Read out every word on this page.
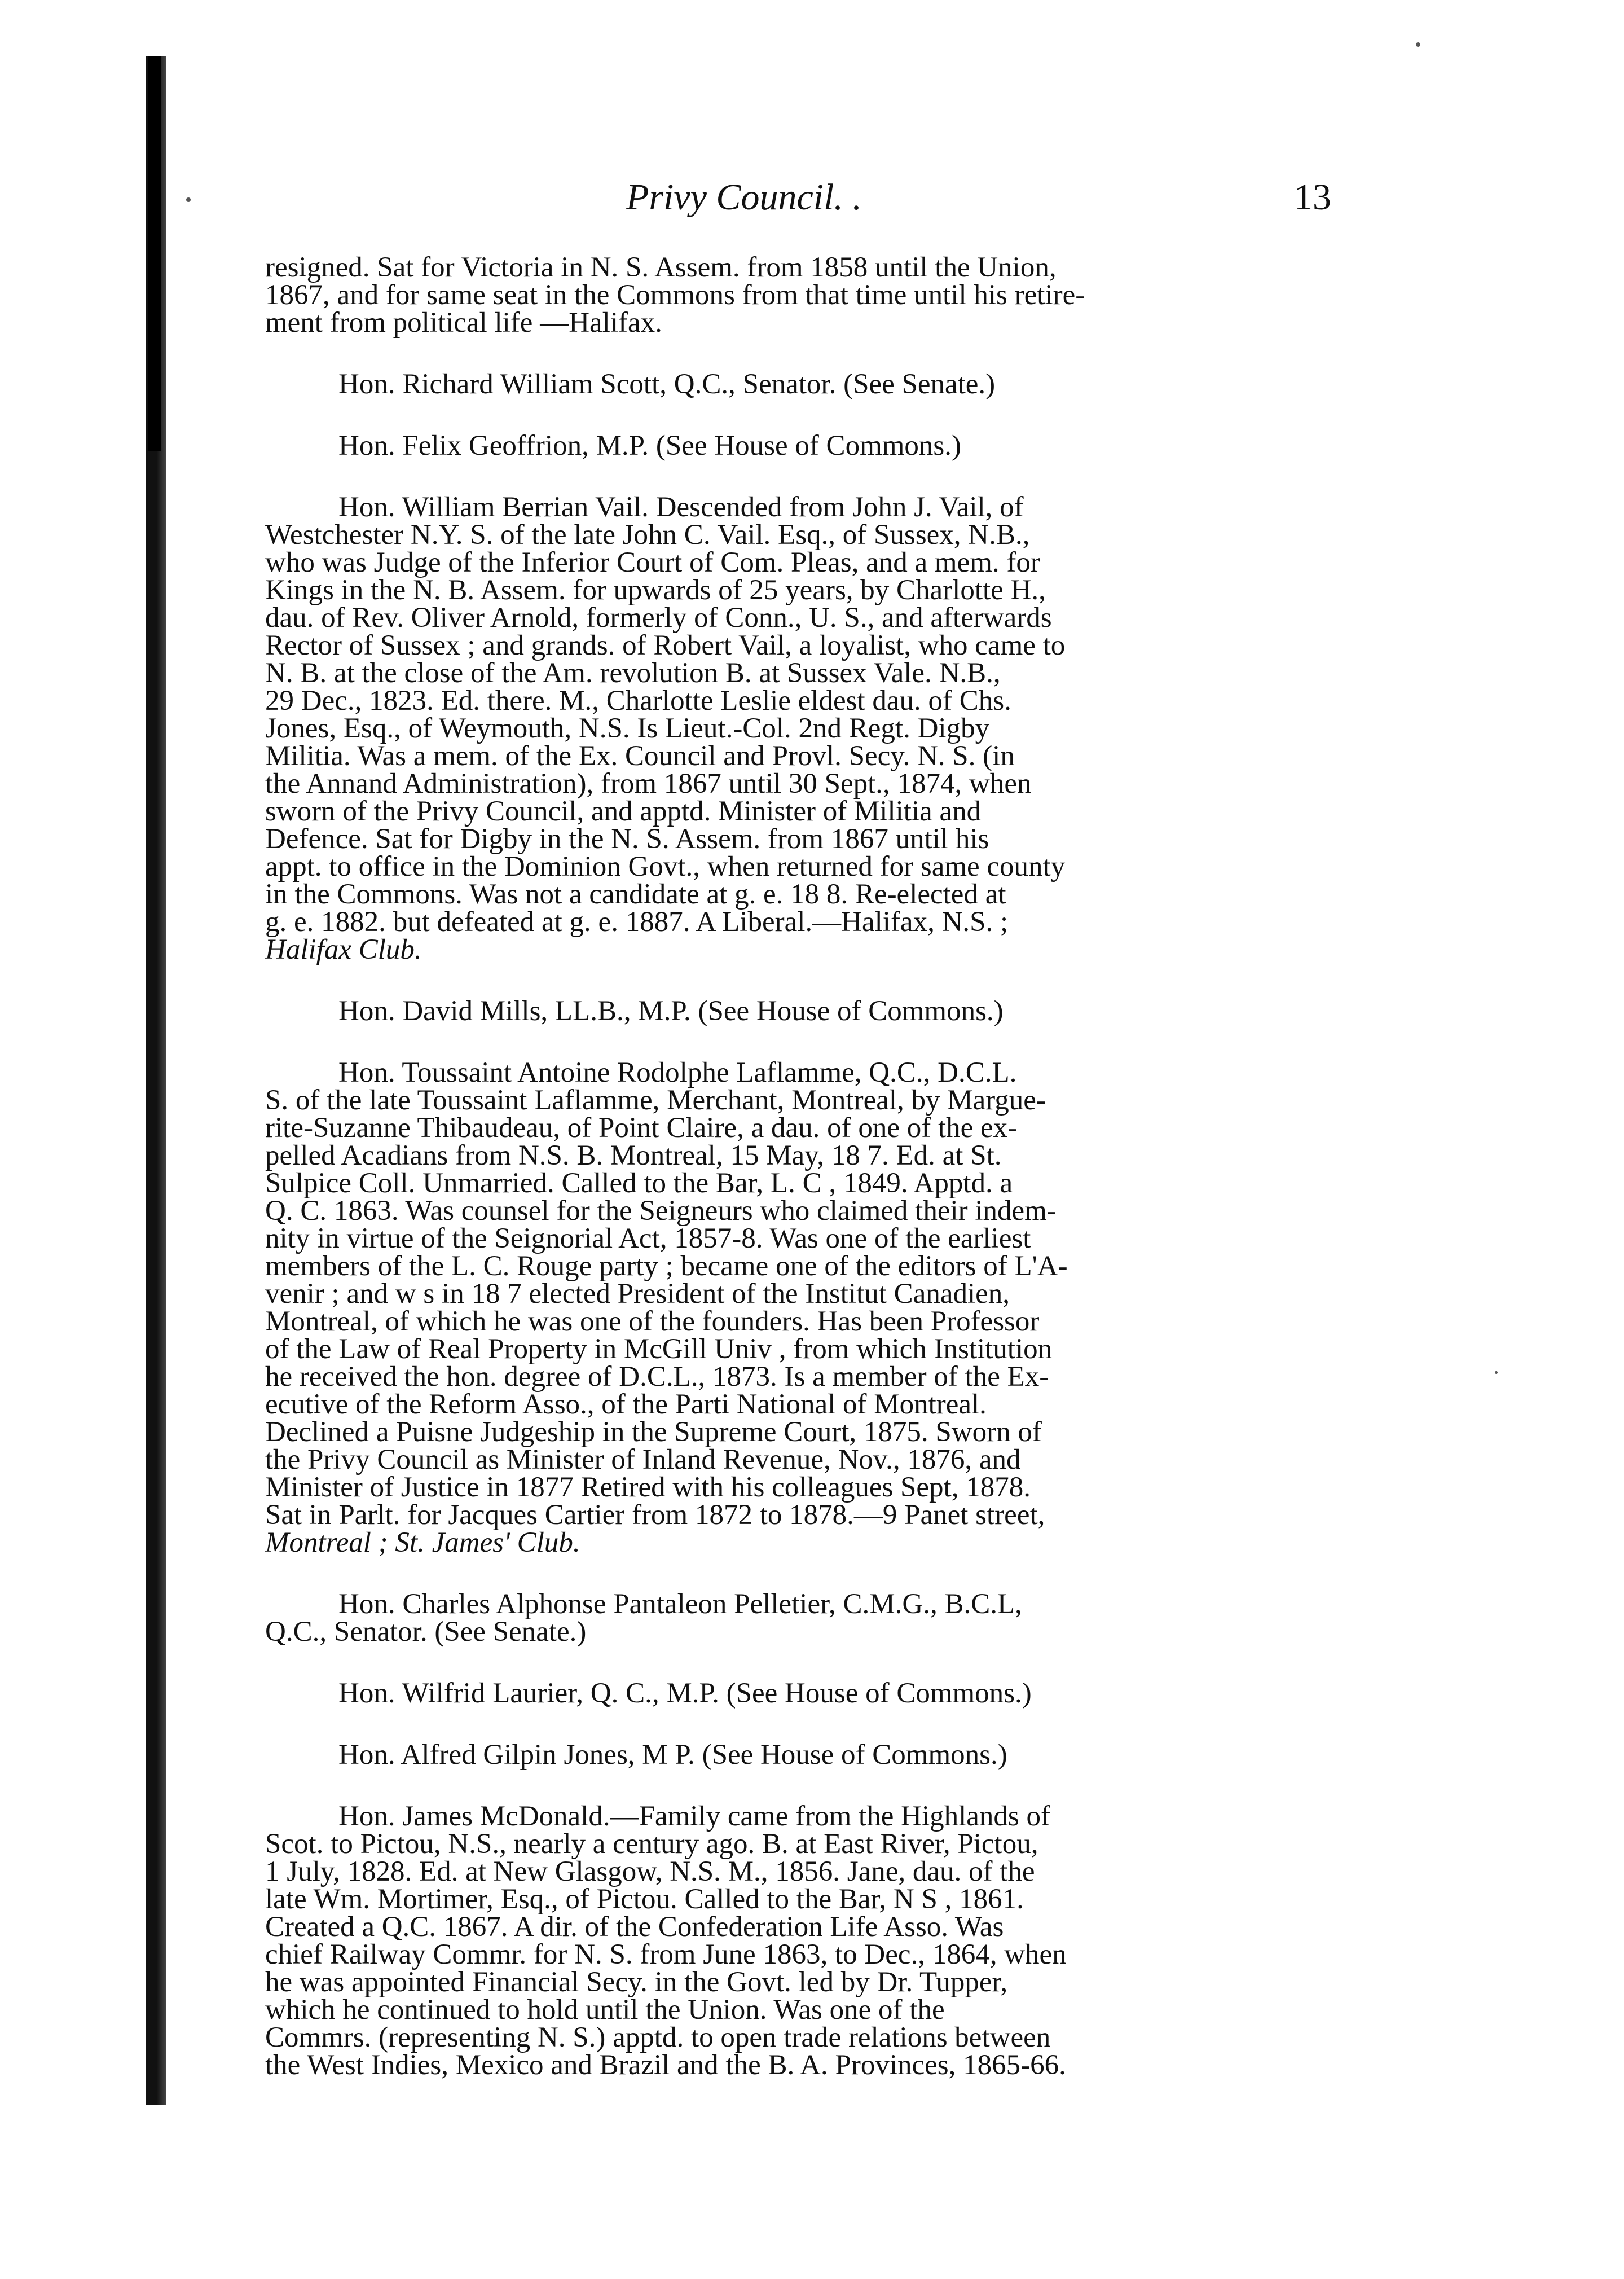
Privy Council. .	13
resigned. Sat for Victoria in N. S. Assem. from 1858 until the Union,
1867, and for same seat in the Commons from that time until his retire-
ment from political life —Halifax.
Hon. Richard William Scott, Q.C., Senator. (See Senate.)
Hon. Felix Geoffrion, M.P. (See House of Commons.)
Hon. William Berrian Vail. Descended from John J. Vail, of
Westchester N.Y. S. of the late John C. Vail. Esq., of Sussex, N.B.,
who was Judge of the Inferior Court of Com. Pleas, and a mem. for
Kings in the N. B. Assem. for upwards of 25 years, by Charlotte H.,
dau. of Rev. Oliver Arnold, formerly of Conn., U. S., and afterwards
Rector of Sussex ; and grands. of Robert Vail, a loyalist, who came to
N. B. at the close of the Am. revolution B. at Sussex Vale. N.B.,
29 Dec., 1823. Ed. there. M., Charlotte Leslie eldest dau. of Chs.
Jones, Esq., of Weymouth, N.S. Is Lieut.-Col. 2nd Regt. Digby
Militia. Was a mem. of the Ex. Council and Provl. Secy. N. S. (in
the Annand Administration), from 1867 until 30 Sept., 1874, when
sworn of the Privy Council, and apptd. Minister of Militia and
Defence. Sat for Digby in the N. S. Assem. from 1867 until his
appt. to office in the Dominion Govt., when returned for same county
in the Commons. Was not a candidate at g. e. 18 8. Re-elected at
g. e. 1882. but defeated at g. e. 1887. A Liberal.—Halifax, N.S. ;
Halifax Club.
Hon. David Mills, LL.B., M.P. (See House of Commons.)
Hon. Toussaint Antoine Rodolphe Laflamme, Q.C., D.C.L.
S. of the late Toussaint Laflamme, Merchant, Montreal, by Margue-
rite-Suzanne Thibaudeau, of Point Claire, a dau. of one of the ex-
pelled Acadians from N.S. B. Montreal, 15 May, 18 7. Ed. at St.
Sulpice Coll. Unmarried. Called to the Bar, L. C , 1849. Apptd. a
Q. C. 1863. Was counsel for the Seigneurs who claimed their indem-
nity in virtue of the Seignorial Act, 1857-8. Was one of the earliest
members of the L. C. Rouge party ; became one of the editors of L'A-
venir ; and w s in 18 7 elected President of the Institut Canadien,
Montreal, of which he was one of the founders. Has been Professor
of the Law of Real Property in McGill Univ , from which Institution
he received the hon. degree of D.C.L., 1873. Is a member of the Ex-
ecutive of the Reform Asso., of the Parti National of Montreal.
Declined a Puisne Judgeship in the Supreme Court, 1875. Sworn of
the Privy Council as Minister of Inland Revenue, Nov., 1876, and
Minister of Justice in 1877 Retired with his colleagues Sept, 1878.
Sat in Parlt. for Jacques Cartier from 1872 to 1878.—9 Panet street,
Montreal ; St. James' Club.
Hon. Charles Alphonse Pantaleon Pelletier, C.M.G., B.C.L,
Q.C., Senator. (See Senate.)
Hon. Wilfrid Laurier, Q. C., M.P. (See House of Commons.)
Hon. Alfred Gilpin Jones, M P. (See House of Commons.)
Hon. James McDonald.—Family came from the Highlands of
Scot. to Pictou, N.S., nearly a century ago. B. at East River, Pictou,
1 July, 1828. Ed. at New Glasgow, N.S. M., 1856. Jane, dau. of the
late Wm. Mortimer, Esq., of Pictou. Called to the Bar, N S , 1861.
Created a Q.C. 1867. A dir. of the Confederation Life Asso. Was
chief Railway Commr. for N. S. from June 1863, to Dec., 1864, when
he was appointed Financial Secy. in the Govt. led by Dr. Tupper,
which he continued to hold until the Union. Was one of the
Commrs. (representing N. S.) apptd. to open trade relations between
the West Indies, Mexico and Brazil and the B. A. Provinces, 1865-66.
